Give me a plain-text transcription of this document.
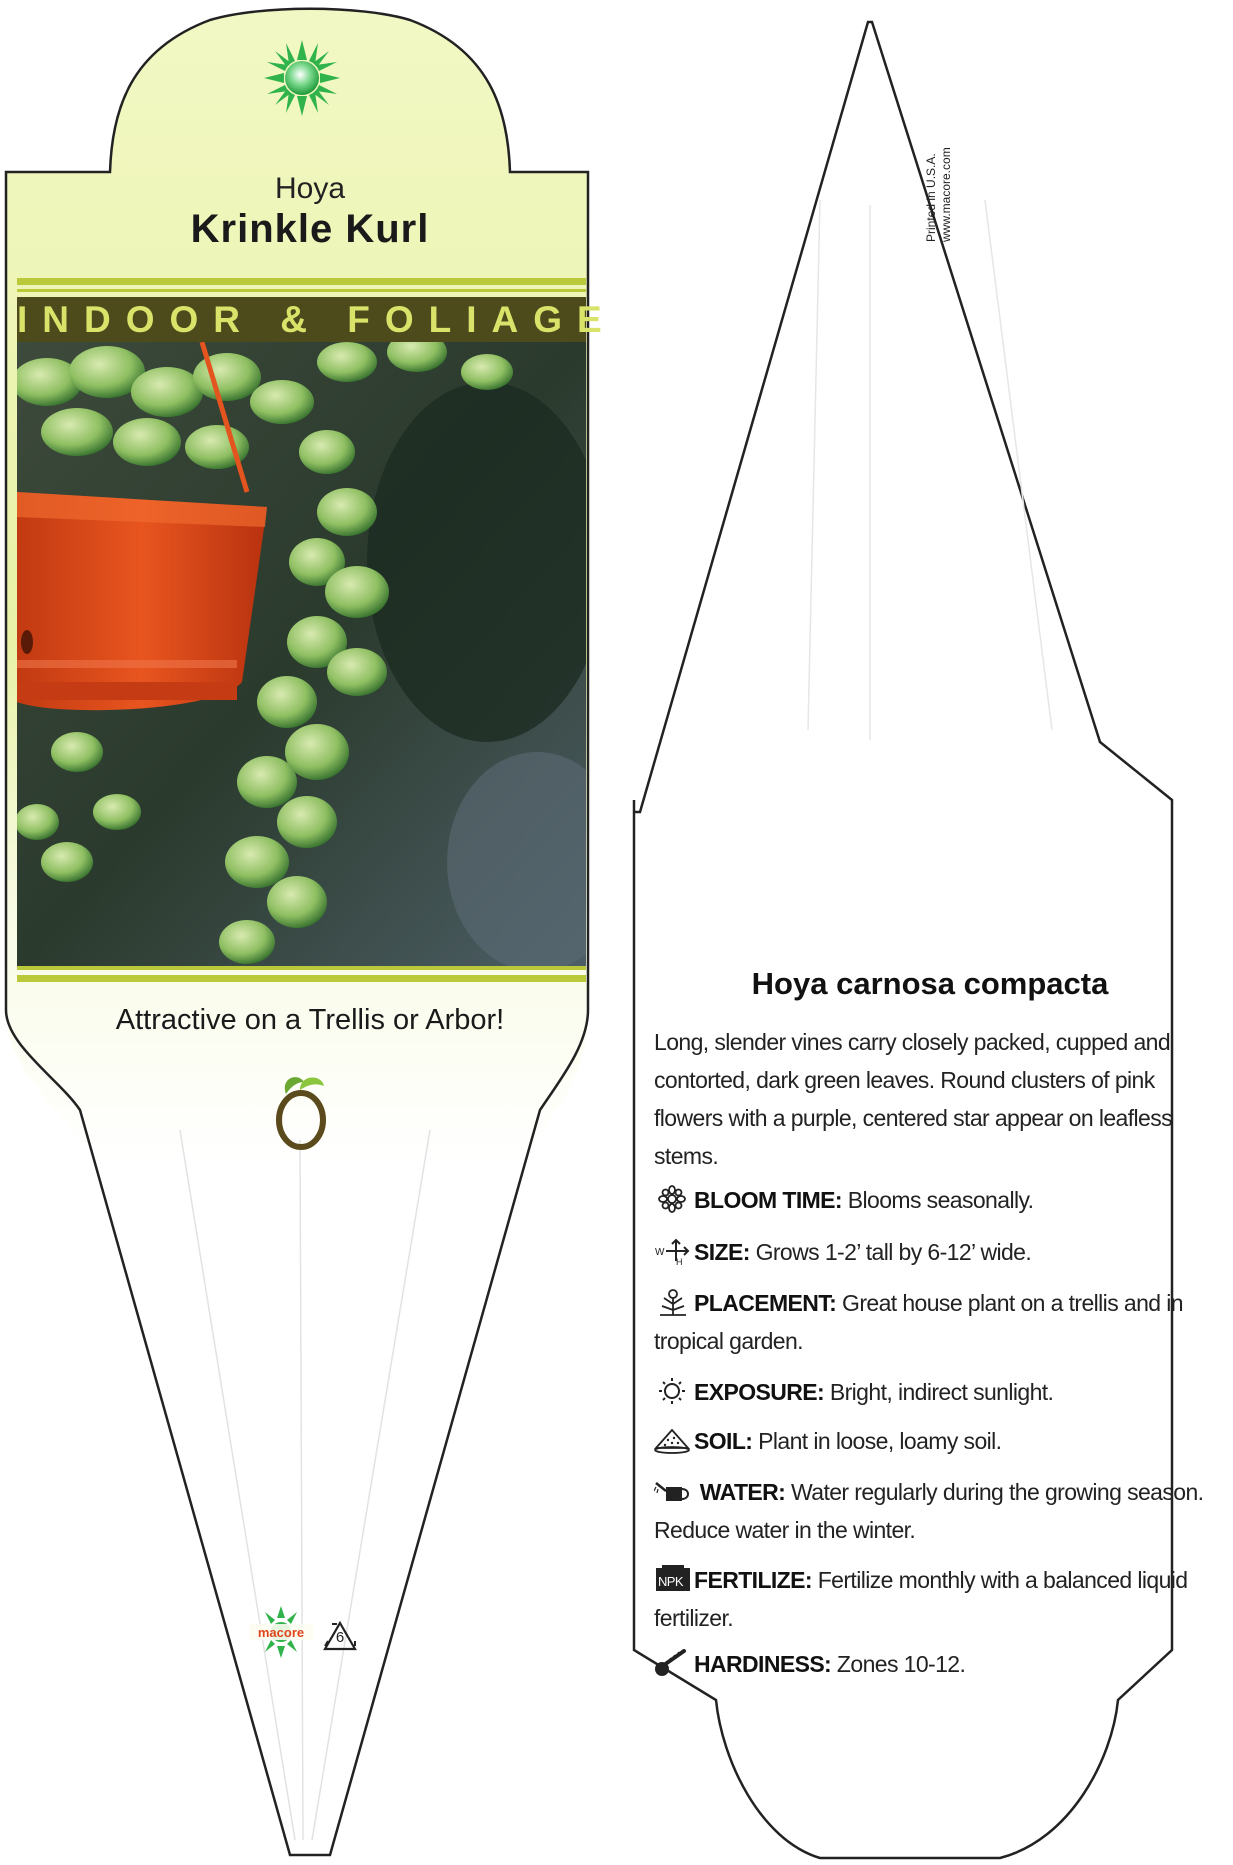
Hoya
Krinkle Kurl
INDOOR & FOLIAGE
Attractive on a Trellis or Arbor!
macore	6
Printed in U.S.A. www.macore.com
Hoya carnosa compacta
Long, slender vines carry closely packed, cupped and contorted, dark green leaves. Round clusters of pink flowers with a purple, centered star appear on leafless stems.
BLOOM TIME: Blooms seasonally.
W
H SIZE: Grows 1-2’ tall by 6-12’ wide.
PLACEMENT: Great house plant on a trellis and in tropical garden.
EXPOSURE: Bright, indirect sunlight.
SOIL: Plant in loose, loamy soil.
WATER: Water regularly during the growing season. Reduce water in the winter.
NPK FERTILIZE: Fertilize monthly with a balanced liquid fertilizer.
HARDINESS: Zones 10-12.
